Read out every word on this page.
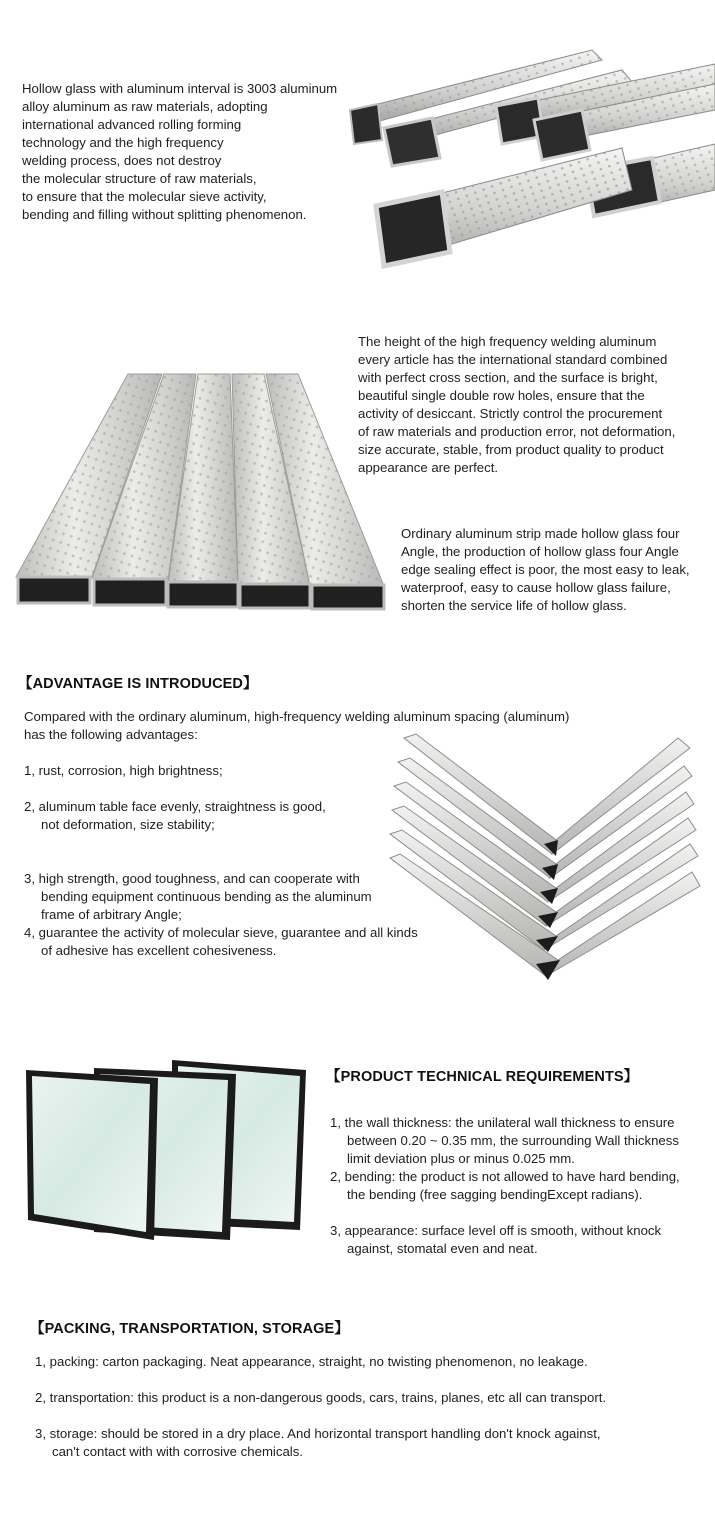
Hollow glass with aluminum interval is 3003 aluminum
alloy aluminum as raw materials, adopting
international advanced rolling forming
technology and the high frequency
welding process, does not destroy
the molecular structure of raw materials,
to ensure that the molecular sieve activity,
bending and filling without splitting phenomenon.

The height of the high frequency welding aluminum
every article has the international standard combined
with perfect cross section, and the surface is bright,
beautiful single double row holes, ensure that the
activity of desiccant. Strictly control the procurement
of raw materials and production error, not deformation,
size accurate, stable, from product quality to product
appearance are perfect.

Ordinary aluminum strip made hollow glass four
Angle, the production of hollow glass four Angle
edge sealing effect is poor, the most easy to leak,
waterproof, easy to cause hollow glass failure,
shorten the service life of hollow glass.

【ADVANTAGE IS INTRODUCED】

Compared with the ordinary aluminum, high-frequency welding aluminum spacing (aluminum)
has the following advantages:

1, rust, corrosion, high brightness;
2, aluminum table face evenly, straightness is good,
not deformation, size stability;

3, high strength, good toughness, and can cooperate with

bending equipment continuous bending as the aluminum
frame of arbitrary Angle;

4, guarantee the activity of molecular sieve, guarantee and all kinds
of adhesive has excellent cohesiveness.
【PRODUCT TECHNICAL REQUIREMENTS】

1, the wall thickness: the unilateral wall thickness to ensure

between 0.20 ~ 0.35 mm, the surrounding Wall thickness
limit deviation plus or minus 0.025 mm.

2, bending: the product is not allowed to have hard bending,
the bending (free sagging bendingExcept radians).
3, appearance: surface level off is smooth, without knock
against, stomatal even and neat.
【PACKING, TRANSPORTATION, STORAGE】
1, packing: carton packaging. Neat appearance, straight, no twisting phenomenon, no leakage.
2, transportation: this product is a non-dangerous goods, cars, trains, planes, etc all can transport.
3, storage: should be stored in a dry place. And horizontal transport handling don't knock against,
can't contact with with corrosive chemicals.
